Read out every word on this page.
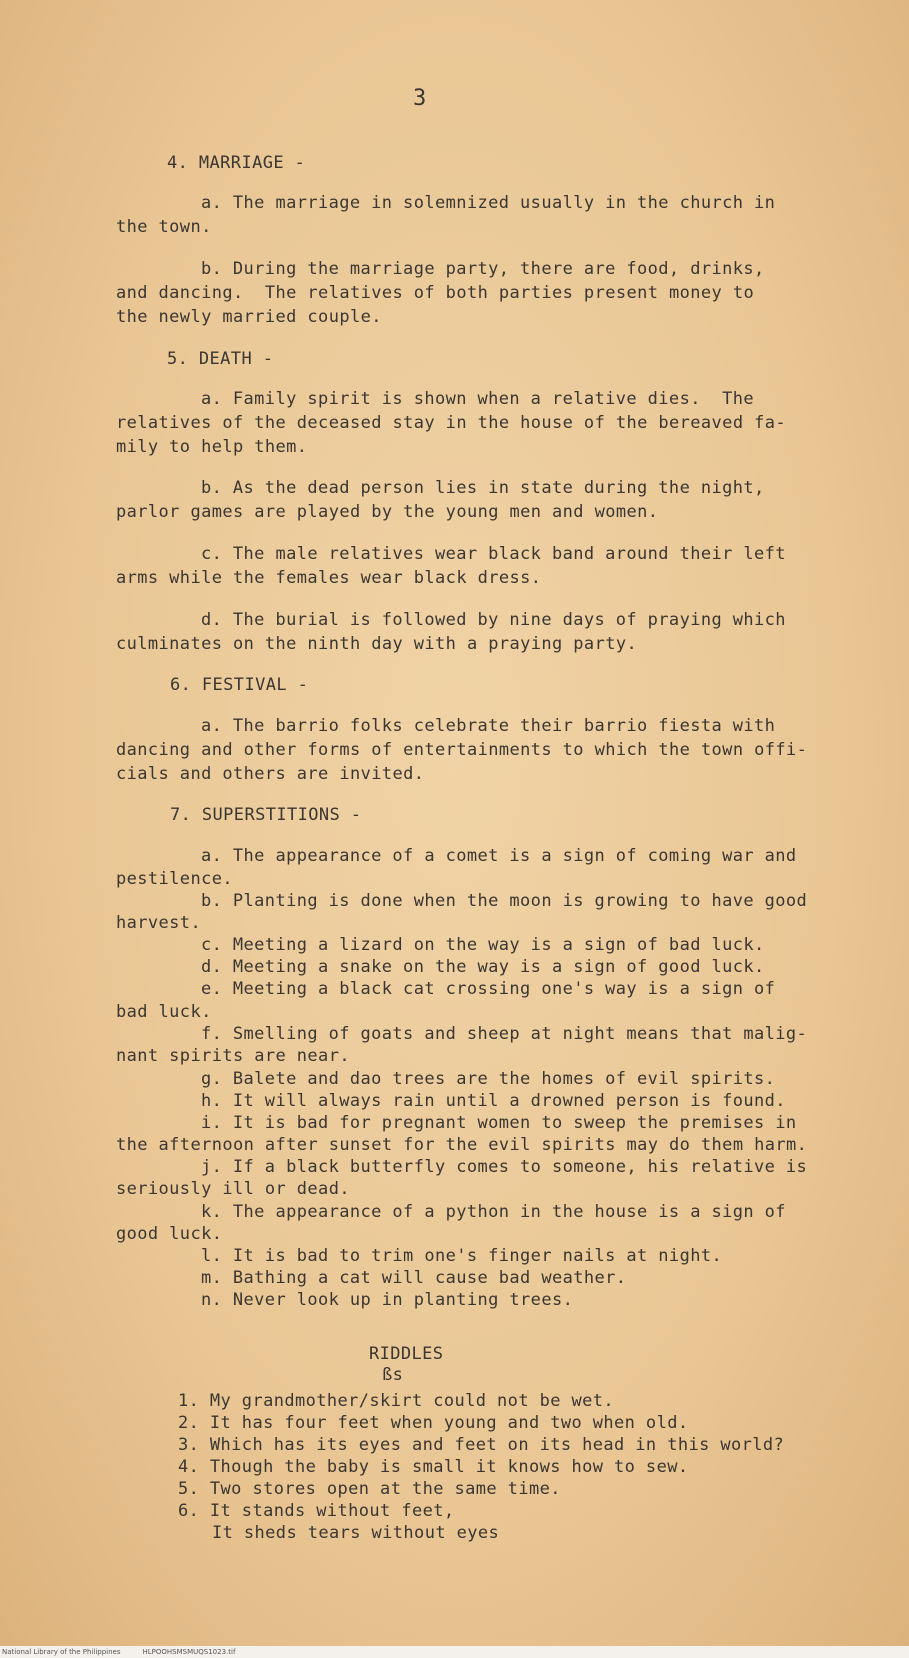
3
4. MARRIAGE -
a. The marriage in solemnized usually in the church in
the town.
b. During the marriage party, there are food, drinks,
and dancing.  The relatives of both parties present money to
the newly married couple.
5. DEATH -
a. Family spirit is shown when a relative dies.  The
relatives of the deceased stay in the house of the bereaved fa-
mily to help them.
b. As the dead person lies in state during the night,
parlor games are played by the young men and women.
c. The male relatives wear black band around their left
arms while the females wear black dress.
d. The burial is followed by nine days of praying which
culminates on the ninth day with a praying party.
6. FESTIVAL -
a. The barrio folks celebrate their barrio fiesta with
dancing and other forms of entertainments to which the town offi-
cials and others are invited.
7. SUPERSTITIONS -
a. The appearance of a comet is a sign of coming war and
pestilence.
b. Planting is done when the moon is growing to have good
harvest.
c. Meeting a lizard on the way is a sign of bad luck.
d. Meeting a snake on the way is a sign of good luck.
e. Meeting a black cat crossing one's way is a sign of
bad luck.
f. Smelling of goats and sheep at night means that malig-
nant spirits are near.
g. Balete and dao trees are the homes of evil spirits.
h. It will always rain until a drowned person is found.
i. It is bad for pregnant women to sweep the premises in
the afternoon after sunset for the evil spirits may do them harm.
j. If a black butterfly comes to someone, his relative is
seriously ill or dead.
k. The appearance of a python in the house is a sign of
good luck.
l. It is bad to trim one's finger nails at night.
m. Bathing a cat will cause bad weather.
n. Never look up in planting trees.
RIDDLES
ßs
1. My grandmother/skirt could not be wet.
2. It has four feet when young and two when old.
3. Which has its eyes and feet on its head in this world?
4. Though the baby is small it knows how to sew.
5. Two stores open at the same time.
6. It stands without feet,
It sheds tears without eyes
National Library of the Philippines	HLPOOHSMSMUQS1023.tif
